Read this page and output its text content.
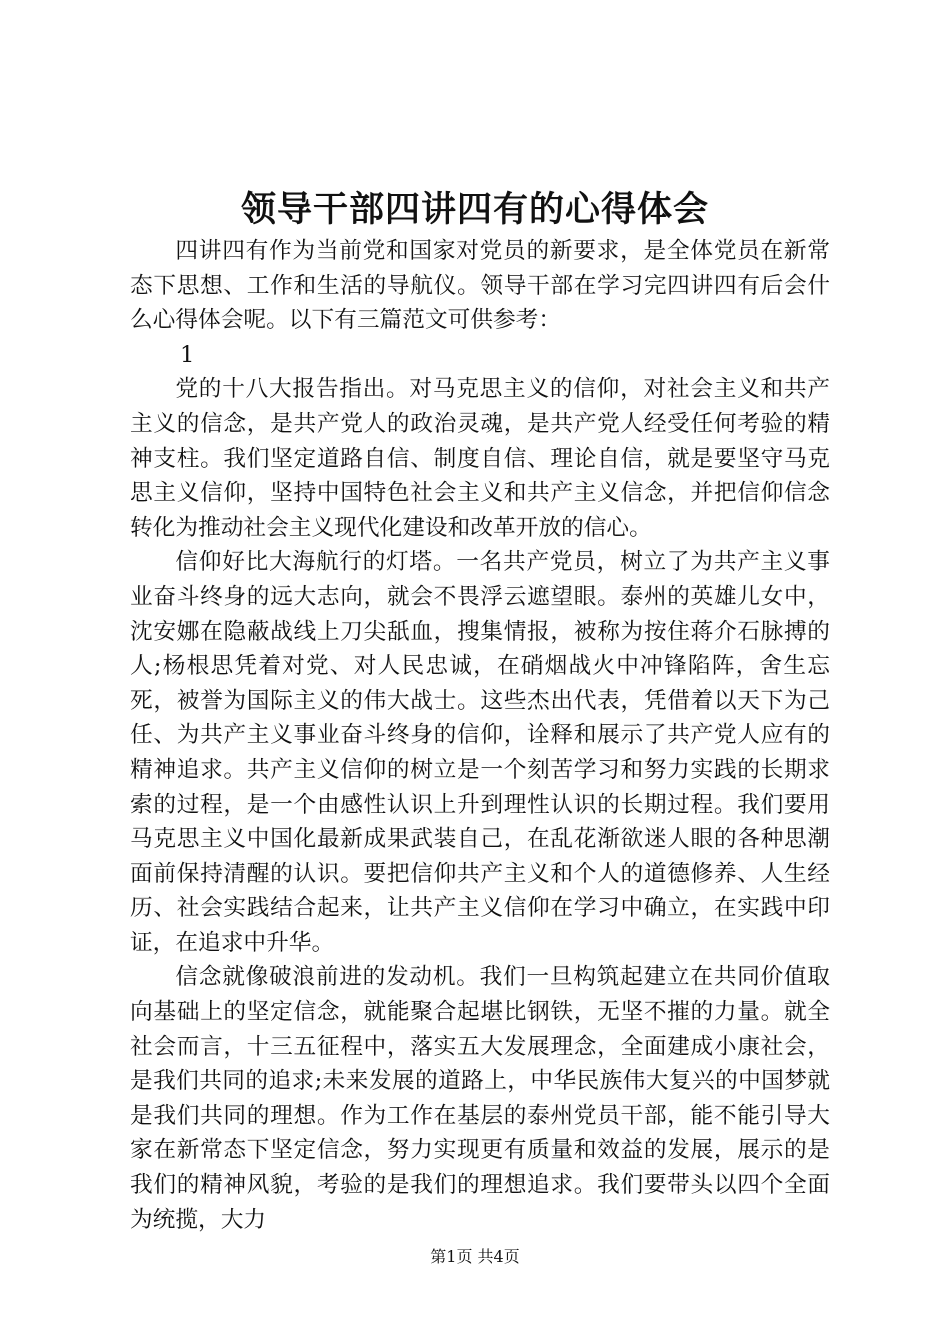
领导干部四讲四有的心得体会

四讲四有作为当前党和国家对党员的新要求，是全体党员在新常态下思想、工作和生活的导航仪。领导干部在学习完四讲四有后会什么心得体会呢。以下有三篇范文可供参考：

1

党的十八大报告指出。对马克思主义的信仰，对社会主义和共产主义的信念，是共产党人的政治灵魂，是共产党人经受任何考验的精神支柱。我们坚定道路自信、制度自信、理论自信，就是要坚守马克思主义信仰，坚持中国特色社会主义和共产主义信念，并把信仰信念转化为推动社会主义现代化建设和改革开放的信心。

信仰好比大海航行的灯塔。一名共产党员，树立了为共产主义事业奋斗终身的远大志向，就会不畏浮云遮望眼。泰州的英雄儿女中，沈安娜在隐蔽战线上刀尖舐血，搜集情报，被称为按住蒋介石脉搏的人;杨根思凭着对党、对人民忠诚，在硝烟战火中冲锋陷阵，舍生忘死，被誉为国际主义的伟大战士。这些杰出代表，凭借着以天下为己任、为共产主义事业奋斗终身的信仰，诠释和展示了共产党人应有的精神追求。共产主义信仰的树立是一个刻苦学习和努力实践的长期求索的过程，是一个由感性认识上升到理性认识的长期过程。我们要用马克思主义中国化最新成果武装自己，在乱花渐欲迷人眼的各种思潮面前保持清醒的认识。要把信仰共产主义和个人的道德修养、人生经历、社会实践结合起来，让共产主义信仰在学习中确立，在实践中印证，在追求中升华。

信念就像破浪前进的发动机。我们一旦构筑起建立在共同价值取向基础上的坚定信念，就能聚合起堪比钢铁，无坚不摧的力量。就全社会而言，十三五征程中，落实五大发展理念，全面建成小康社会，是我们共同的追求;未来发展的道路上，中华民族伟大复兴的中国梦就是我们共同的理想。作为工作在基层的泰州党员干部，能不能引导大家在新常态下坚定信念，努力实现更有质量和效益的发展，展示的是我们的精神风貌，考验的是我们的理想追求。我们要带头以四个全面为统揽，大力

第1页 共4页
